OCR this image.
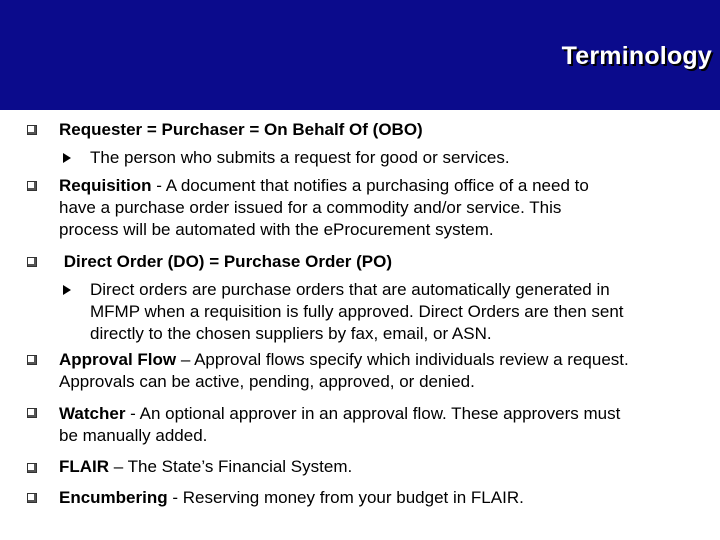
Terminology
Requester = Purchaser = On Behalf Of (OBO)
The person who submits a request for good or services.
Requisition - A document that notifies a purchasing office of a need to
have a purchase order issued for a commodity and/or service. This
process will be automated with the eProcurement system.
Direct Order (DO) = Purchase Order (PO)
Direct orders are purchase orders that are automatically generated in
MFMP when a requisition is fully approved. Direct Orders are then sent
directly to the chosen suppliers by fax, email, or ASN.
Approval Flow – Approval flows specify which individuals review a request.
Approvals can be active, pending, approved, or denied.
Watcher - An optional approver in an approval flow. These approvers must
be manually added.
FLAIR – The State’s Financial System.
Encumbering - Reserving money from your budget in FLAIR.
